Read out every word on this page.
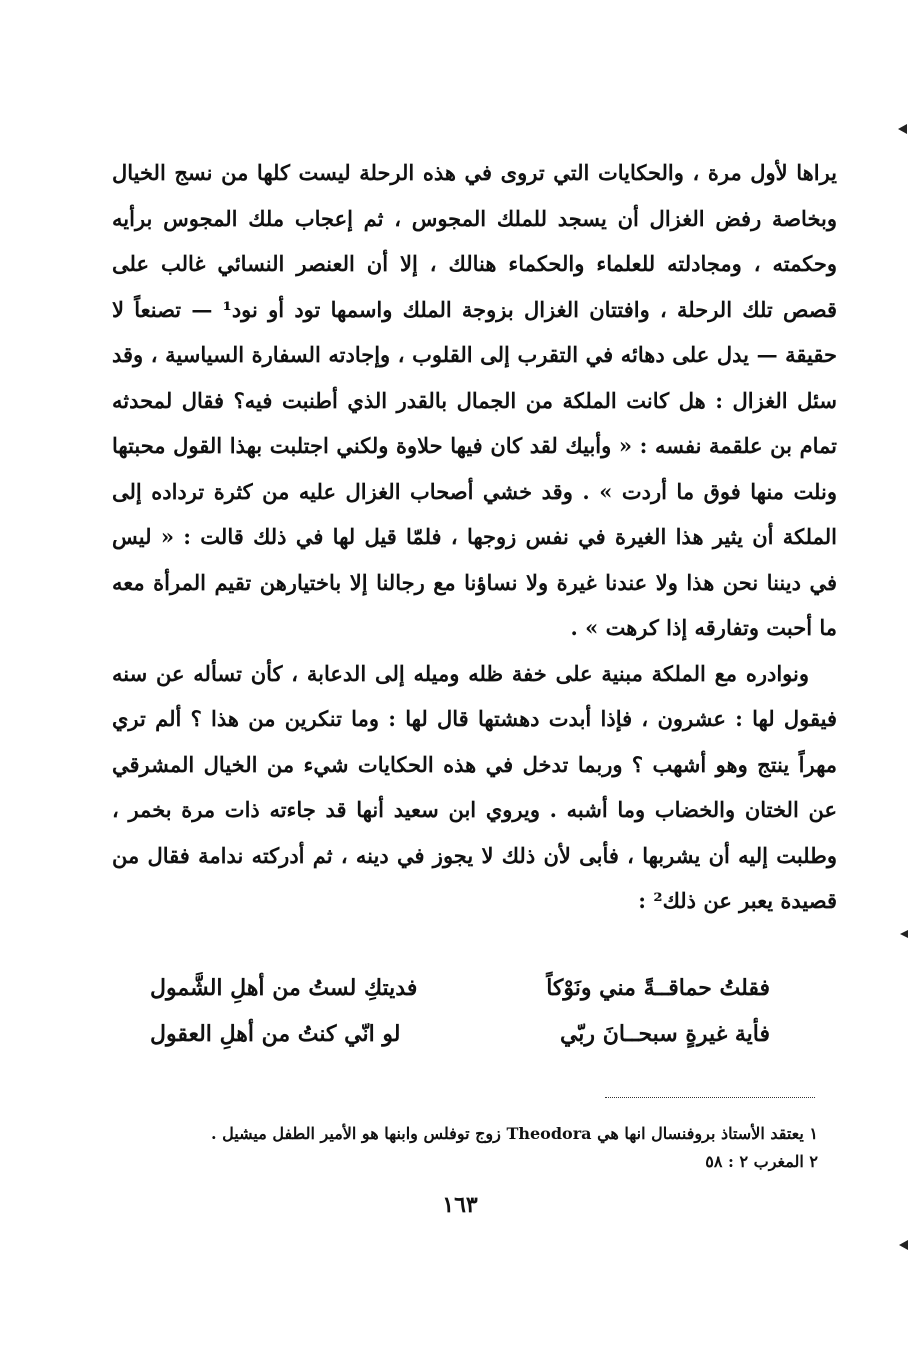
يراها لأول مرة ، والحكايات التي تروى في هذه الرحلة ليست كلها من نسج الخيال وبخاصة رفض الغزال أن يسجد للملك المجوس ، ثم إعجاب ملك المجوس برأيه وحكمته ، ومجادلته للعلماء والحكماء هنالك ، إلا أن العنصر النسائي غالب على قصص تلك الرحلة ، وافتتان الغزال بزوجة الملك واسمها تود أو نود¹ — تصنعاً لا حقيقة — يدل على دهائه في التقرب إلى القلوب ، وإجادته السفارة السياسية ، وقد سئل الغزال : هل كانت الملكة من الجمال بالقدر الذي أطنبت فيه؟ فقال لمحدثه تمام بن علقمة نفسه : « وأبيك لقد كان فيها حلاوة ولكني اجتلبت بهذا القول محبتها ونلت منها فوق ما أردت » . وقد خشي أصحاب الغزال عليه من كثرة ترداده إلى الملكة أن يثير هذا الغيرة في نفس زوجها ، فلمّا قيل لها في ذلك قالت : « ليس في ديننا نحن هذا ولا عندنا غيرة ولا نساؤنا مع رجالنا إلا باختيارهن تقيم المرأة معه ما أحبت وتفارقه إذا كرهت » .

ونوادره مع الملكة مبنية على خفة ظله وميله إلى الدعابة ، كأن تسأله عن سنه فيقول لها : عشرون ، فإذا أبدت دهشتها قال لها : وما تنكرين من هذا ؟ ألم تري مهراً ينتج وهو أشهب ؟ وربما تدخل في هذه الحكايات شيء من الخيال المشرقي عن الختان والخضاب وما أشبه . ويروي ابن سعيد أنها قد جاءته ذات مرة بخمر ، وطلبت إليه أن يشربها ، فأبى لأن ذلك لا يجوز في دينه ، ثم أدركته ندامة فقال من قصيدة يعبر عن ذلك² :

فقلتُ حماقــةً مني ونَوْكاً
فديتكِ لستُ من أهلِ الشَّمول
فأية غيرةٍ سبحــانَ ربّي
لو انّي كنتُ من أهلِ العقول
١ يعتقد الأستاذ بروفنسال انها هي Theodora زوج توفلس وابنها هو الأمير الطفل ميشيل .
٢ المغرب ٢ : ٥٨
١٦٣
